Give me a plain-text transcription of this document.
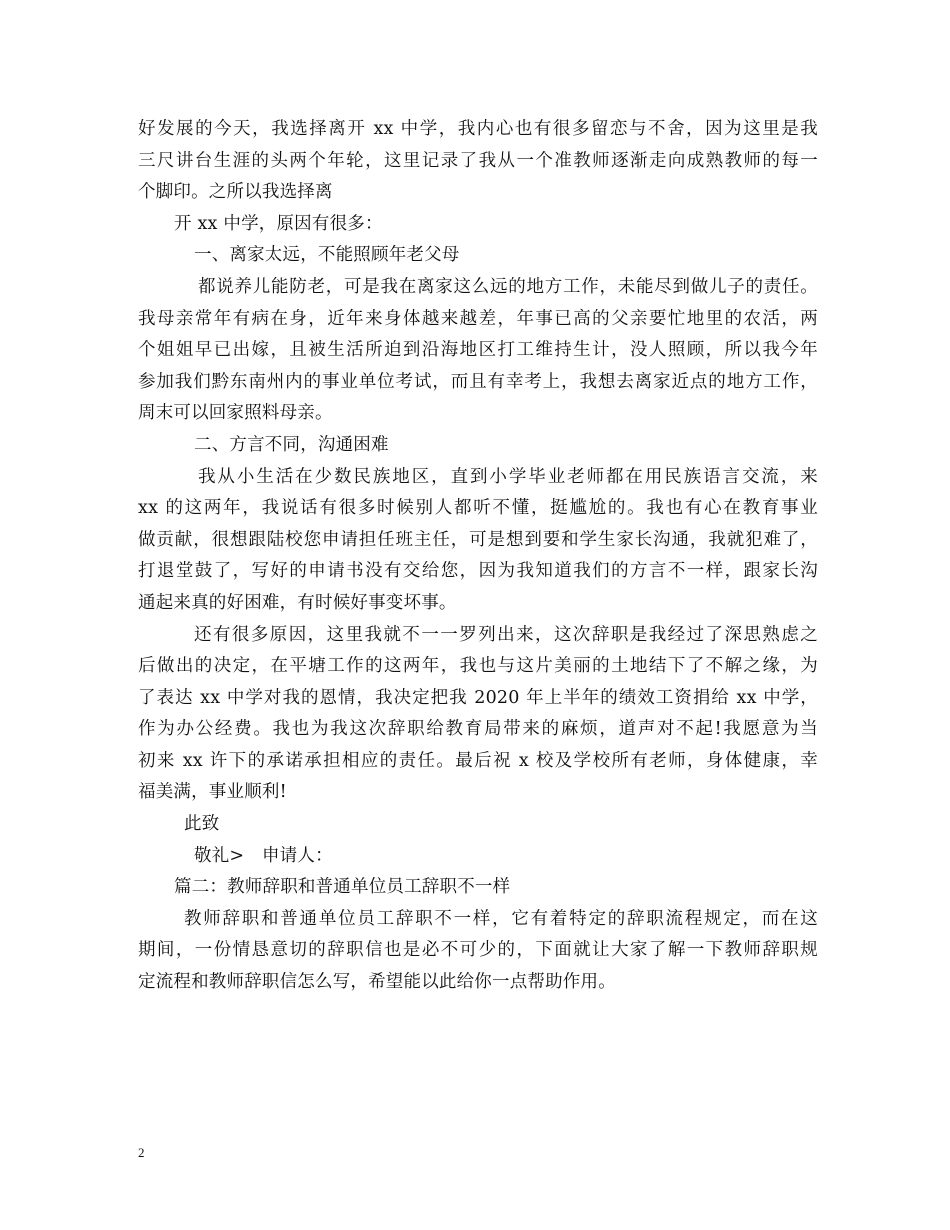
好发展的今天，我选择离开 xx 中学，我内心也有很多留恋与不舍，因为这里是我
三尺讲台生涯的头两个年轮，这里记录了我从一个准教师逐渐走向成熟教师的每一
个脚印。之所以我选择离
开 xx 中学，原因有很多：
一、离家太远，不能照顾年老父母
都说养儿能防老，可是我在离家这么远的地方工作，未能尽到做儿子的责任。
我母亲常年有病在身，近年来身体越来越差，年事已高的父亲要忙地里的农活，两
个姐姐早已出嫁，且被生活所迫到沿海地区打工维持生计，没人照顾，所以我今年
参加我们黔东南州内的事业单位考试，而且有幸考上，我想去离家近点的地方工作，
周末可以回家照料母亲。
二、方言不同，沟通困难
我从小生活在少数民族地区，直到小学毕业老师都在用民族语言交流，来
xx 的这两年，我说话有很多时候别人都听不懂，挺尴尬的。我也有心在教育事业
做贡献，很想跟陆校您申请担任班主任，可是想到要和学生家长沟通，我就犯难了，
打退堂鼓了，写好的申请书没有交给您，因为我知道我们的方言不一样，跟家长沟
通起来真的好困难，有时候好事变坏事。
还有很多原因，这里我就不一一罗列出来，这次辞职是我经过了深思熟虑之
后做出的决定，在平塘工作的这两年，我也与这片美丽的土地结下了不解之缘，为
了表达 xx 中学对我的恩情，我决定把我 2020 年上半年的绩效工资捐给 xx 中学，
作为办公经费。我也为我这次辞职给教育局带来的麻烦，道声对不起!我愿意为当
初来 xx 许下的承诺承担相应的责任。最后祝 x 校及学校所有老师，身体健康，幸
福美满，事业顺利!
此致
敬礼>　申请人：
篇二：教师辞职和普通单位员工辞职不一样
教师辞职和普通单位员工辞职不一样，它有着特定的辞职流程规定，而在这
期间，一份情恳意切的辞职信也是必不可少的，下面就让大家了解一下教师辞职规
定流程和教师辞职信怎么写，希望能以此给你一点帮助作用。
2
